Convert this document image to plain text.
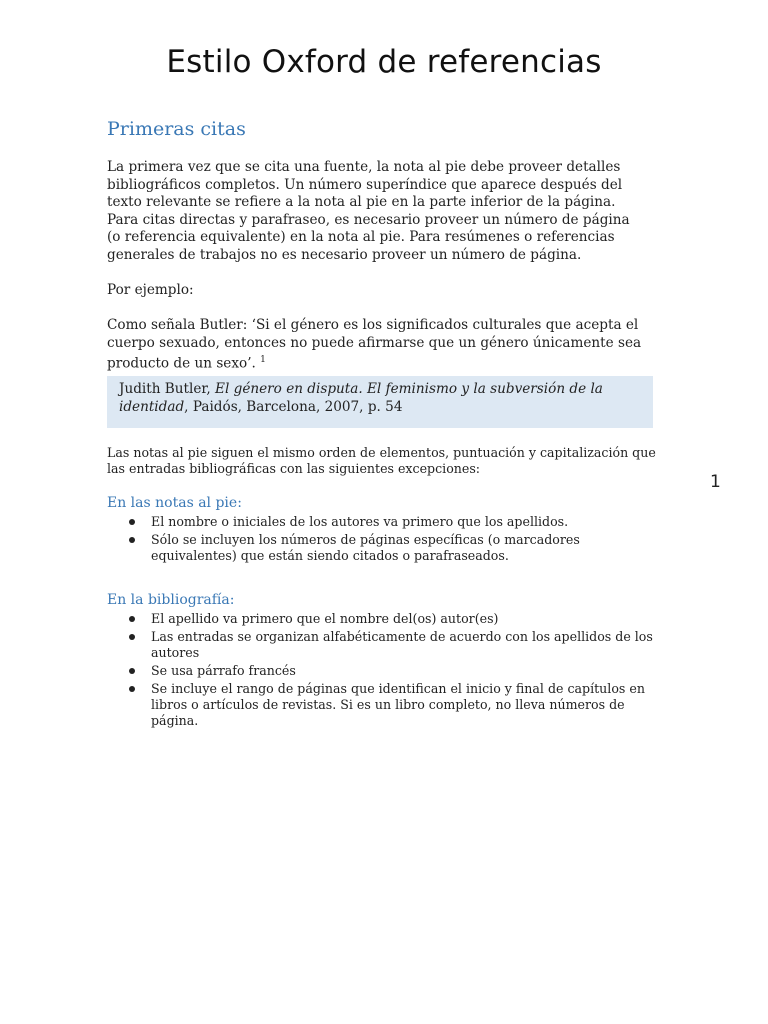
Estilo Oxford de referencias
Primeras citas

La primera vez que se cita una fuente, la nota al pie debe proveer detalles bibliográficos completos. Un número superíndice que aparece después del texto relevante se refiere a la nota al pie en la parte inferior de la página. Para citas directas y parafraseo, es necesario proveer un número de página (o referencia equivalente) en la nota al pie. Para resúmenes o referencias generales de trabajos no es necesario proveer un número de página.

Por ejemplo:

Como señala Butler: ‘Si el género es los significados culturales que acepta el cuerpo sexuado, entonces no puede afirmarse que un género únicamente sea producto de un sexo’. $^1$

Judith Butler, El género en disputa. El feminismo y la subversión de la identidad, Paidós, Barcelona, 2007, p. 54

Las notas al pie siguen el mismo orden de elementos, puntuación y capitalización que las entradas bibliográficas con las siguientes excepciones:

En las notas al pie:
El nombre o iniciales de los autores va primero que los apellidos.
Sólo se incluyen los números de páginas específicas (o marcadores equivalentes) que están siendo citados o parafraseados.
En la bibliografía:
El apellido va primero que el nombre del(os) autor(es)
Las entradas se organizan alfabéticamente de acuerdo con los apellidos de los autores
Se usa párrafo francés
Se incluye el rango de páginas que identifican el inicio y final de capítulos en libros o artículos de revistas. Si es un libro completo, no lleva números de página.

1
